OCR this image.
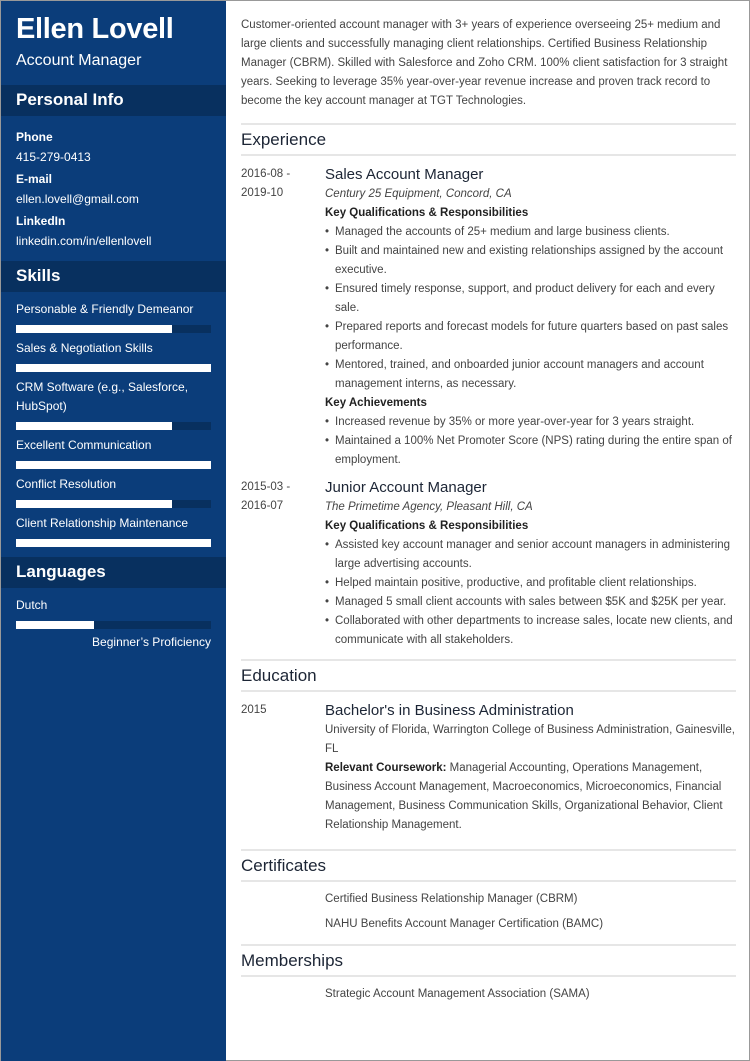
Ellen Lovell
Account Manager
Personal Info
Phone
415-279-0413
E-mail
ellen.lovell@gmail.com
LinkedIn
linkedin.com/in/ellenlovell
Skills
Personable & Friendly Demeanor
Sales & Negotiation Skills
CRM Software (e.g., Salesforce, HubSpot)
Excellent Communication
Conflict Resolution
Client Relationship Maintenance
Languages
Dutch
Beginner’s Proficiency
Customer-oriented account manager with 3+ years of experience overseeing 25+ medium and large clients and successfully managing client relationships. Certified Business Relationship Manager (CBRM). Skilled with Salesforce and Zoho CRM. 100% client satisfaction for 3 straight years. Seeking to leverage 35% year-over-year revenue increase and proven track record to become the key account manager at TGT Technologies.
Experience
2016-08 -
2019-10
Sales Account Manager
Century 25 Equipment, Concord, CA
Key Qualifications & Responsibilities
• Managed the accounts of 25+ medium and large business clients.
• Built and maintained new and existing relationships assigned by the account executive.
• Ensured timely response, support, and product delivery for each and every sale.
• Prepared reports and forecast models for future quarters based on past sales performance.
• Mentored, trained, and onboarded junior account managers and account management interns, as necessary.
Key Achievements
• Increased revenue by 35% or more year-over-year for 3 years straight.
• Maintained a 100% Net Promoter Score (NPS) rating during the entire span of employment.
2015-03 -
2016-07
Junior Account Manager
The Primetime Agency, Pleasant Hill, CA
Key Qualifications & Responsibilities
• Assisted key account manager and senior account managers in administering large advertising accounts.
• Helped maintain positive, productive, and profitable client relationships.
• Managed 5 small client accounts with sales between $5K and $25K per year.
• Collaborated with other departments to increase sales, locate new clients, and communicate with all stakeholders.
Education
2015	Bachelor's in Business Administration
University of Florida, Warrington College of Business Administration, Gainesville, FL
Relevant Coursework: Managerial Accounting, Operations Management, Business Account Management, Macroeconomics, Microeconomics, Financial Management, Business Communication Skills, Organizational Behavior, Client Relationship Management.
Certificates
Certified Business Relationship Manager (CBRM)
NAHU Benefits Account Manager Certification (BAMC)
Memberships
Strategic Account Management Association (SAMA)
